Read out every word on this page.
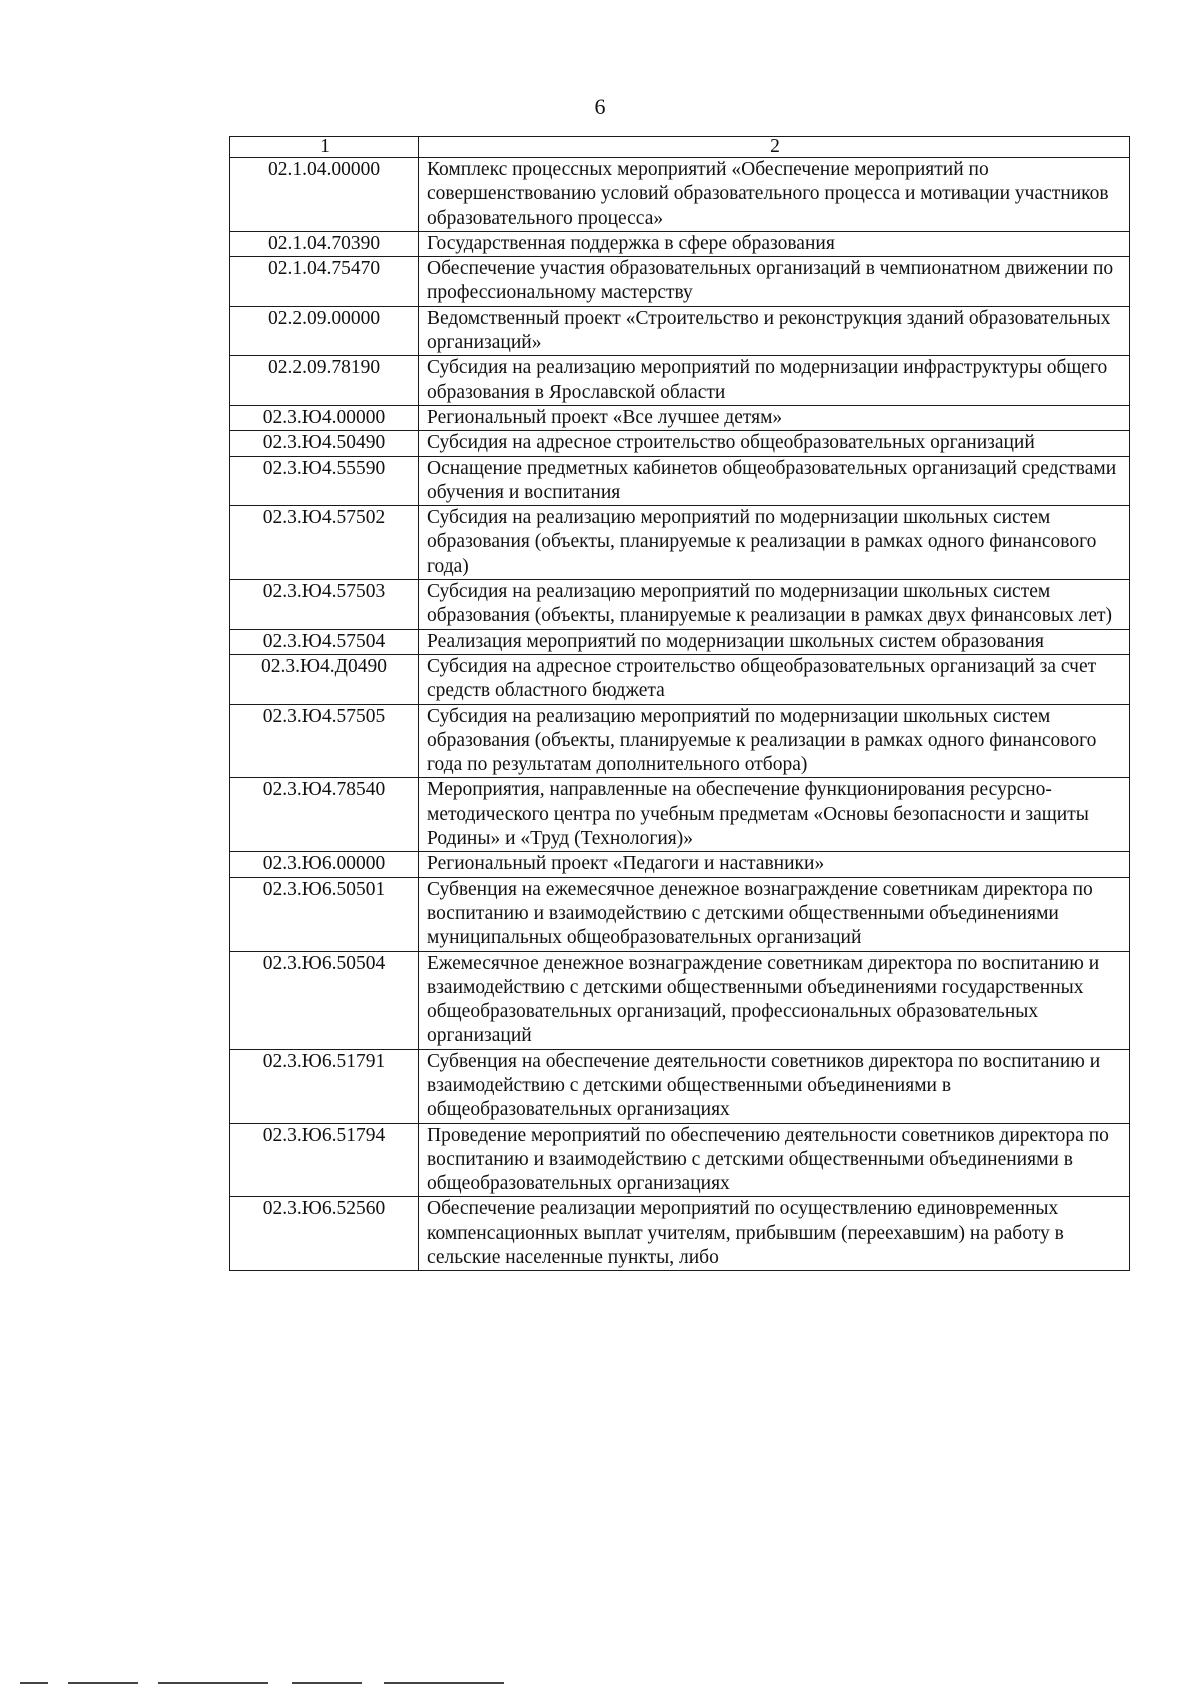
6
1	2
02.1.04.00000	Комплекс процессных мероприятий «Обеспечение мероприятий по совершенствованию условий образовательного процесса и мотивации участников образовательного процесса»
02.1.04.70390	Государственная поддержка в сфере образования
02.1.04.75470	Обеспечение участия образовательных организаций в чемпионатном движении по профессиональному мастерству
02.2.09.00000	Ведомственный проект «Строительство и реконструкция зданий образовательных организаций»
02.2.09.78190	Субсидия на реализацию мероприятий по модернизации инфраструктуры общего образования в Ярославской области
02.3.Ю4.00000	Региональный проект «Все лучшее детям»
02.3.Ю4.50490	Субсидия на адресное строительство общеобразовательных организаций
02.3.Ю4.55590	Оснащение предметных кабинетов общеобразовательных организаций средствами обучения и воспитания
02.3.Ю4.57502	Субсидия на реализацию мероприятий по модернизации школьных систем образования (объекты, планируемые к реализации в рамках одного финансового года)
02.3.Ю4.57503	Субсидия на реализацию мероприятий по модернизации школьных систем образования (объекты, планируемые к реализации в рамках двух финансовых лет)
02.3.Ю4.57504	Реализация мероприятий по модернизации школьных систем образования
02.3.Ю4.Д0490	Субсидия на адресное строительство общеобразовательных организаций за счет средств областного бюджета
02.3.Ю4.57505	Субсидия на реализацию мероприятий по модернизации школьных систем образования (объекты, планируемые к реализации в рамках одного финансового года по результатам дополнительного отбора)
02.3.Ю4.78540	Мероприятия, направленные на обеспечение функционирования ресурсно-методического центра по учебным предметам «Основы безопасности и защиты Родины» и «Труд (Технология)»
02.3.Ю6.00000	Региональный проект «Педагоги и наставники»
02.3.Ю6.50501	Субвенция на ежемесячное денежное вознаграждение советникам директора по воспитанию и взаимодействию с детскими общественными объединениями муниципальных общеобразовательных организаций
02.3.Ю6.50504	Ежемесячное денежное вознаграждение советникам директора по воспитанию и взаимодействию с детскими общественными объединениями государственных общеобразовательных организаций, профессиональных образовательных организаций
02.3.Ю6.51791	Субвенция на обеспечение деятельности советников директора по воспитанию и взаимодействию с детскими общественными объединениями в общеобразовательных организациях
02.3.Ю6.51794	Проведение мероприятий по обеспечению деятельности советников директора по воспитанию и взаимодействию с детскими общественными объединениями в общеобразовательных организациях
02.3.Ю6.52560	Обеспечение реализации мероприятий по осуществлению единовременных компенсационных выплат учителям, прибывшим (переехавшим) на работу в сельские населенные пункты, либо
